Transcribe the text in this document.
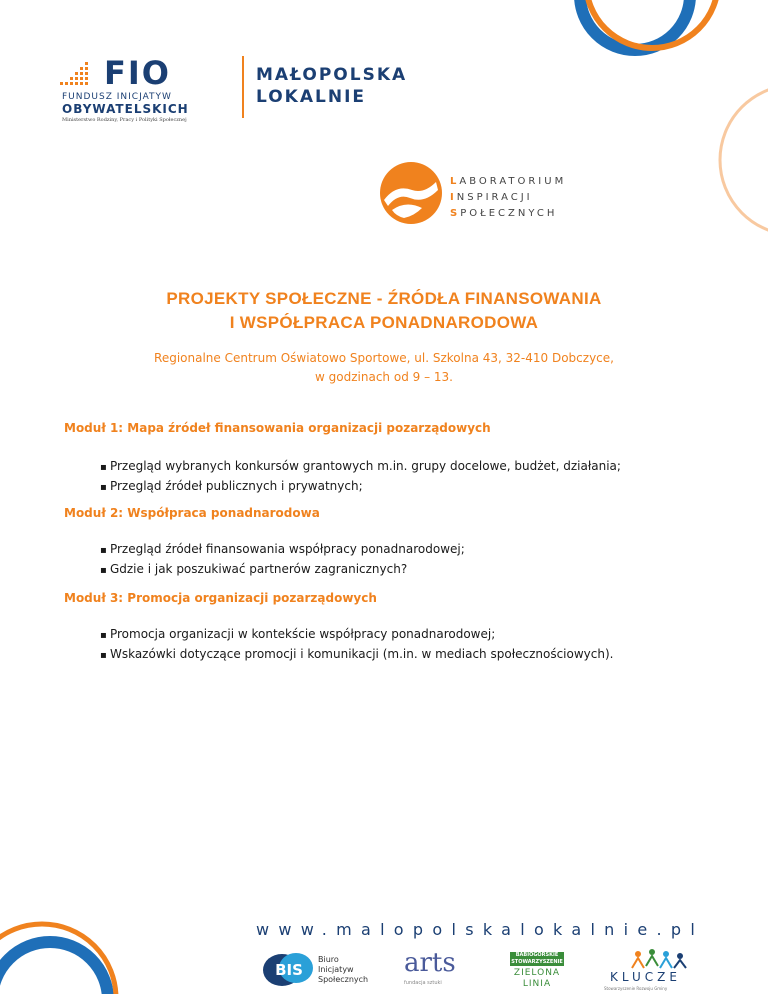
FIO
FUNDUSZ INICJATYW
OBYWATELSKICH
Ministerstwo Rodziny, Pracy i Polityki Społecznej
MAŁOPOLSKA
LOKALNIE
LABORATORIUM
INSPIRACJI
SPOŁECZNYCH
PROJEKTY SPOŁECZNE - ŹRÓDŁA FINANSOWANIA
I WSPÓŁPRACA PONADNARODOWA
Regionalne Centrum Oświatowo Sportowe, ul. Szkolna 43, 32-410 Dobczyce,
w godzinach od 9 – 13.
Moduł 1: Mapa źródeł finansowania organizacji pozarządowych
▪ Przegląd wybranych konkursów grantowych m.in. grupy docelowe, budżet, działania;
▪ Przegląd źródeł publicznych i prywatnych;
Moduł 2: Współpraca ponadnarodowa
▪ Przegląd źródeł finansowania współpracy ponadnarodowej;
▪ Gdzie i jak poszukiwać partnerów zagranicznych?
Moduł 3: Promocja organizacji pozarządowych
▪ Promocja organizacji w kontekście współpracy ponadnarodowej;
▪ Wskazówki dotyczące promocji i komunikacji (m.in. w mediach społecznościowych).
www.malopolskalokalnie.pl
BIS
Biuro
Inicjatyw
Społecznych
arts
fundacja sztuki
BABIOGÓRSKIE
STOWARZYSZENIE
ZIELONA
LINIA	KLUCZE
Stowarzyszenie Rozwoju Gminy
